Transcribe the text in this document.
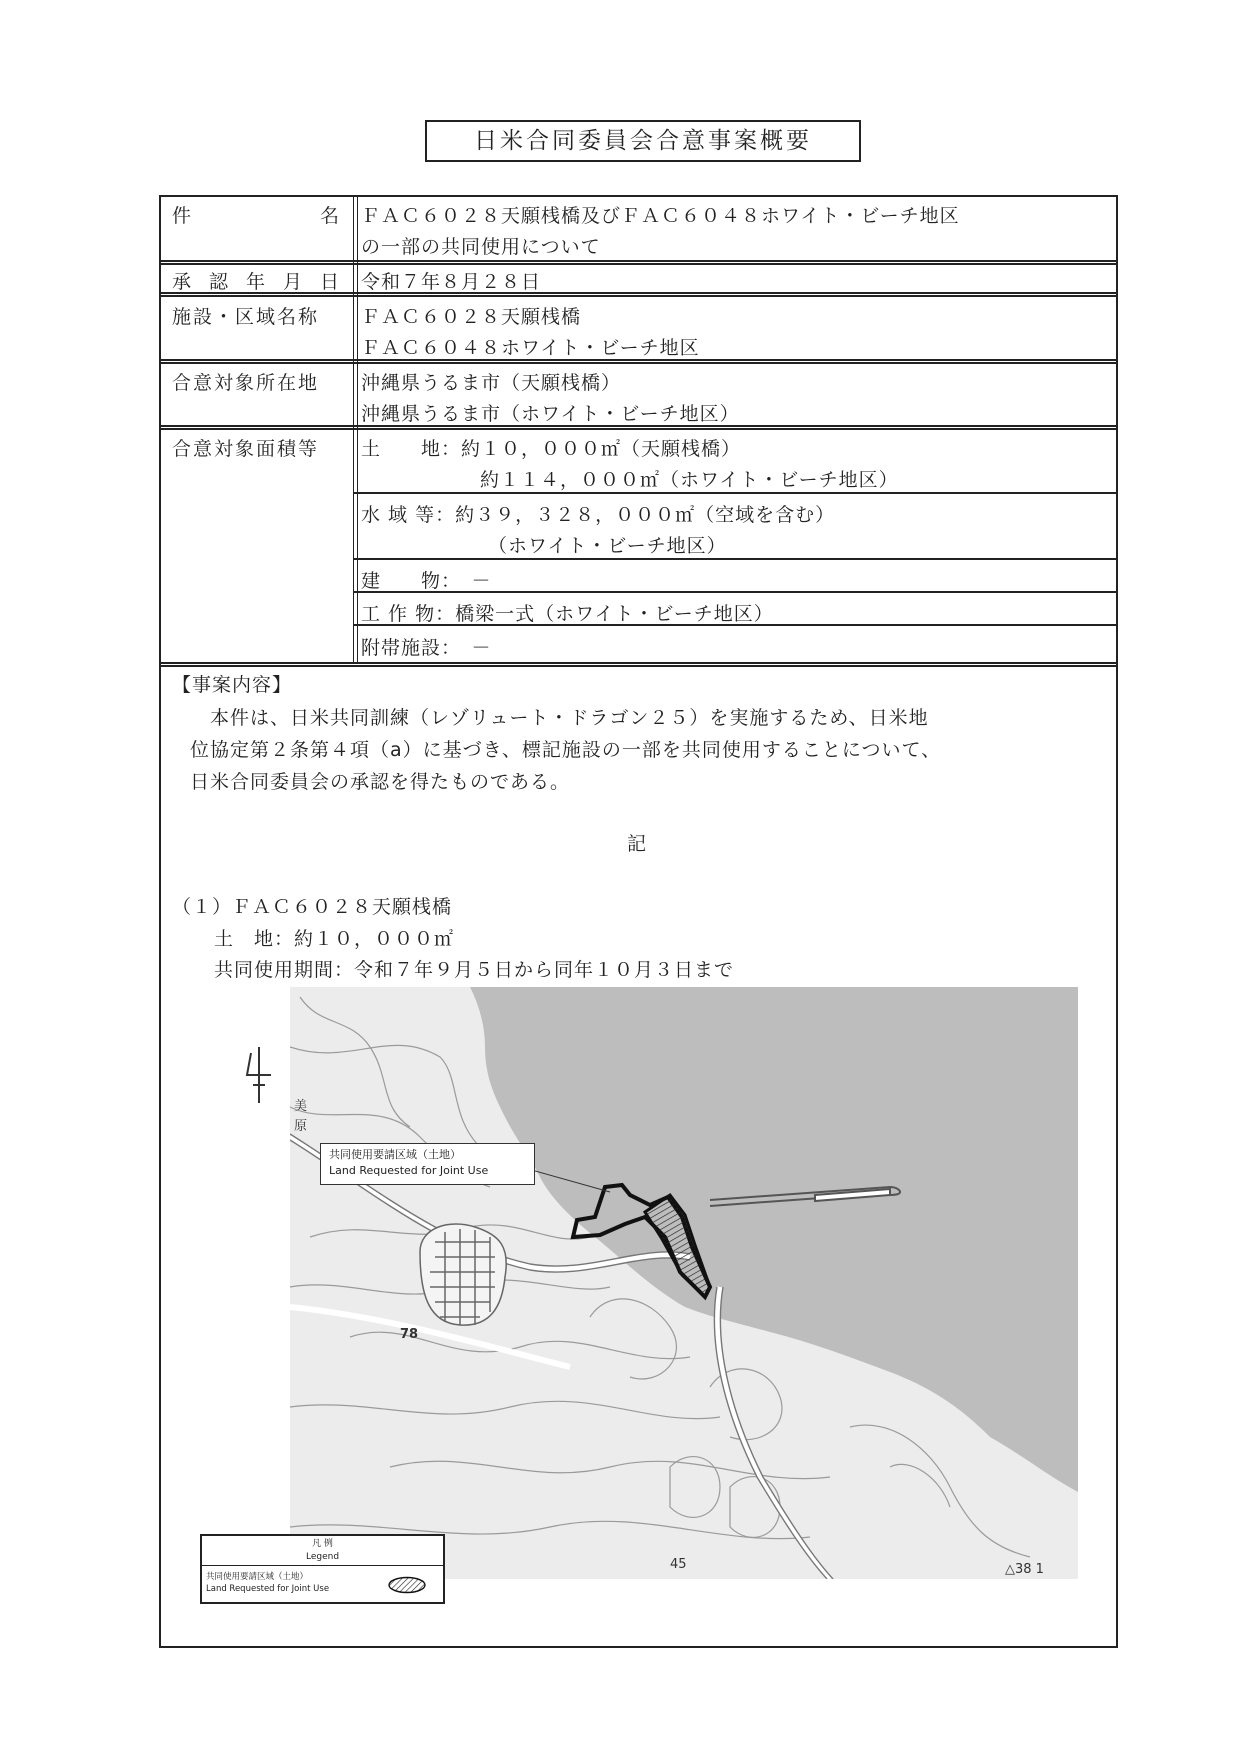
日米合同委員会合意事案概要
件	名 ＦＡＣ６０２８天願桟橋及びＦＡＣ６０４８ホワイト・ビーチ地区
の一部の共同使用について
承 認 年 月 日 令和７年８月２８日
施設・区域名称 ＦＡＣ６０２８天願桟橋
ＦＡＣ６０４８ホワイト・ビーチ地区
合意対象所在地 沖縄県うるま市（天願桟橋）
沖縄県うるま市（ホワイト・ビーチ地区）
合意対象面積等 土　　地：約１０，０００㎡（天願桟橋）
約１１４，０００㎡（ホワイト・ビーチ地区）
水 域 等：約３９，３２８，０００㎡（空域を含む）
（ホワイト・ビーチ地区）
建　　物：　－
工 作 物：橋梁一式（ホワイト・ビーチ地区）
附帯施設：　－
【事案内容】
　本件は、日米共同訓練（レゾリュート・ドラゴン２５）を実施するため、日米地
位協定第２条第４項（a）に基づき、標記施設の一部を共同使用することについて、
日米合同委員会の承認を得たものである。
記
（１）ＦＡＣ６０２８天願桟橋
土　地：約１０，０００㎡
共同使用期間：令和７年９月５日から同年１０月３日まで
78
45	△38 1
美
原
共同使用要請区域（土地）
Land Requested for Joint Use
凡 例
Legend
共同使用要請区域（土地）
Land Requested for Joint Use
